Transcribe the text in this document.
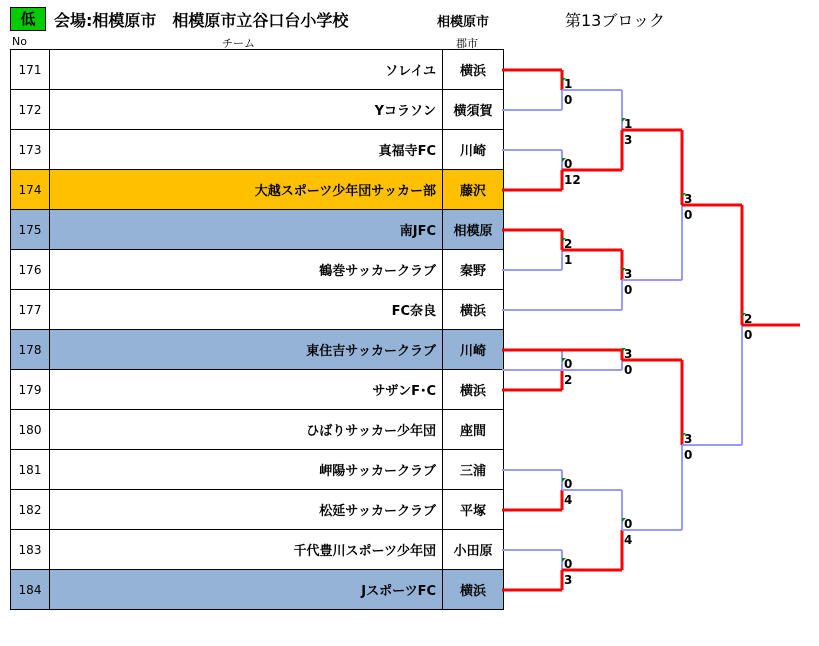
低	会場:相模原市　相模原市立谷口台小学校	相模原市	第13ブロック
No	チーム	郡市
171	ソレイユ	横浜
172	Yコラソン	横須賀
173	真福寺FC	川崎
174	大越スポーツ少年団サッカー部	藤沢
175	南JFC	相模原
176	鶴巻サッカークラブ	秦野
177	FC奈良	横浜
178	東住吉サッカークラブ	川崎
179	サザンF･C	横浜
180	ひばりサッカー少年団	座間
181	岬陽サッカークラブ	三浦
182	松延サッカークラブ	平塚
183	千代豊川スポーツ少年団	小田原
184	JスポーツFC	横浜
1
0
0
12
2
1
0
2
0
4
0
3
1
3
3
0
3
0
0
4
3
0
3
0
2
0
